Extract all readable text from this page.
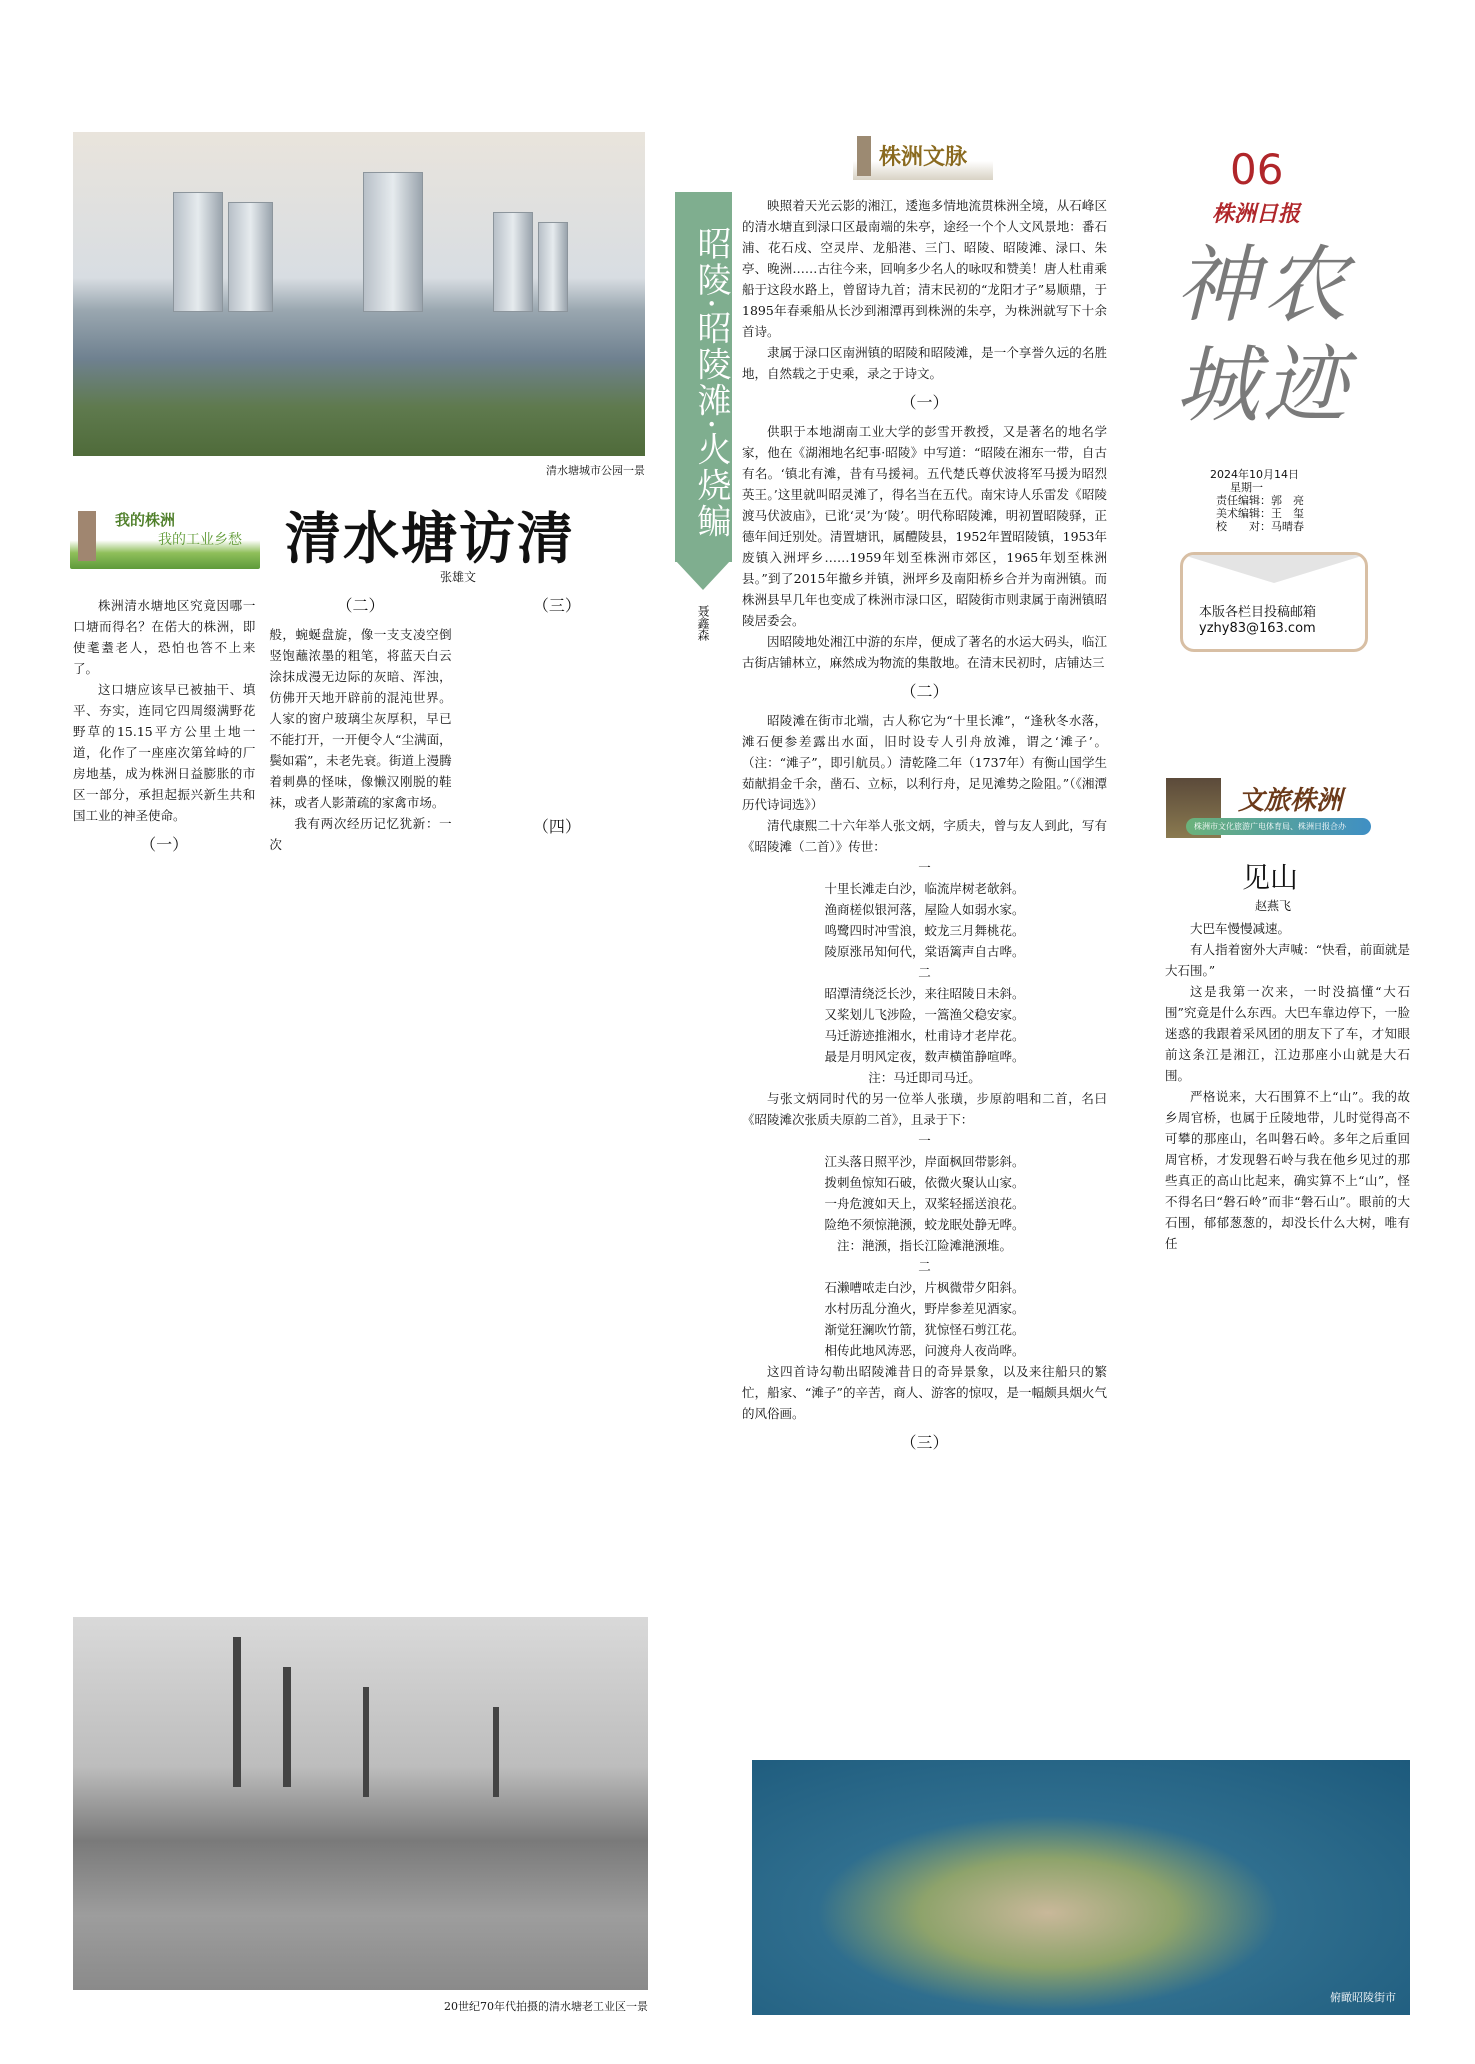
清水塘城市公园一景
我的株洲
我的工业乡愁 清水塘访清
张雄文

株洲清水塘地区究竟因哪一口塘而得名？在偌大的株洲，即使耄耋老人，恐怕也答不上来了。

这口塘应该早已被抽干、填平、夯实，连同它四周缀满野花野草的15.15平方公里土地一道，化作了一座座次第耸峙的厂房地基，成为株洲日益膨胀的市区一部分，承担起振兴新生共和国工业的神圣使命。

（一）
（二）

般，蜿蜒盘旋，像一支支凌空倒竖饱蘸浓墨的粗笔，将蓝天白云涂抹成漫无边际的灰暗、浑浊，仿佛开天地开辟前的混沌世界。人家的窗户玻璃尘灰厚积，早已不能打开，一开便令人“尘满面，鬓如霜”，未老先衰。街道上漫腾着刺鼻的怪味，像懒汉刚脱的鞋袜，或者人影萧疏的家禽市场。

我有两次经历记忆犹新：一次

（三）
（四）
20世纪70年代拍摄的清水塘老工业区一景
昭陵·昭陵滩·火烧鳊
聂鑫森
株洲文脉

映照着天光云影的湘江，逶迤多情地流贯株洲全境，从石峰区的清水塘直到渌口区最南端的朱亭，途经一个个人文风景地：番石浦、花石戍、空灵岸、龙船港、三门、昭陵、昭陵滩、渌口、朱亭、晚洲……古往今来，回响多少名人的咏叹和赞美！唐人杜甫乘船于这段水路上，曾留诗九首；清末民初的“龙阳才子”易顺鼎，于1895年春乘船从长沙到湘潭再到株洲的朱亭，为株洲就写下十余首诗。

隶属于渌口区南洲镇的昭陵和昭陵滩，是一个享誉久远的名胜地，自然载之于史乘，录之于诗文。

（一）

供职于本地湖南工业大学的彭雪开教授，又是著名的地名学家，他在《湖湘地名纪事·昭陵》中写道：“昭陵在湘东一带，自古有名。‘镇北有滩，昔有马援祠。五代楚氏尊伏波将军马援为昭烈英王。’这里就叫昭灵滩了，得名当在五代。南宋诗人乐雷发《昭陵渡马伏波庙》，已讹‘灵’为‘陵’。明代称昭陵滩，明初置昭陵驿，正德年间迁别处。清置塘讯，属醴陵县，1952年置昭陵镇，1953年废镇入洲坪乡……1959年划至株洲市郊区，1965年划至株洲县。”到了2015年撤乡并镇，洲坪乡及南阳桥乡合并为南洲镇。而株洲县早几年也变成了株洲市渌口区，昭陵街市则隶属于南洲镇昭陵居委会。

因昭陵地处湘江中游的东岸，便成了著名的水运大码头，临江古街店铺林立，麻然成为物流的集散地。在清末民初时，店铺达三

（二）

昭陵滩在街市北端，古人称它为“十里长滩”，“逢秋冬水落，滩石便参差露出水面，旧时设专人引舟放滩，谓之‘滩子’。（注：“滩子”，即引航员。）清乾隆二年（1737年）有衡山国学生茹献捐金千余，凿石、立标，以利行舟，足见滩势之险阻。”（《湘潭历代诗词选》）

清代康熙二十六年举人张文炳，字质夫，曾与友人到此，写有《昭陵滩（二首）》传世：

一
十里长滩走白沙，临流岸树老欹斜。
渔商槎似银河落，屋险人如弱水家。
鸣鹭四时冲雪浪，蛟龙三月舞桃花。
陵原涨吊知何代，棠语篱声自古哗。
二
昭潭清绕泛长沙，来往昭陵日未斜。
又桨划儿飞涉险，一篙渔父稳安家。
马迁游迹推湘水，杜甫诗才老岸花。
最是月明风定夜，数声横笛静喧哗。
注：马迁即司马迁。

与张文炳同时代的另一位举人张璜，步原韵唱和二首，名曰《昭陵滩次张质夫原韵二首》，且录于下：

一
江头落日照平沙，岸面枫回带影斜。
拨刺鱼惊知石破，依微火聚认山家。
一舟危渡如天上，双桨轻摇送浪花。
险绝不须惊滟滪，蛟龙眠处静无哗。
注：滟滪，指长江险滩滟滪堆。
二
石濑嘈哝走白沙，片枫微带夕阳斜。
水村历乱分渔火，野岸参差见酒家。
渐觉狂澜吹竹箭，犹惊怪石剪江花。
相传此地风涛恶，问渡舟人夜尚哗。

这四首诗勾勒出昭陵滩昔日的奇异景象，以及来往船只的繁忙，船家、“滩子”的辛苦，商人、游客的惊叹，是一幅颇具烟火气的风俗画。

（三）
俯瞰昭陵街市
06
株洲日报
神农城迹
2024年10月14日
星期一
责任编辑：郭　亮
美术编辑：王　玺
校　　对：马晴春
本版各栏目投稿邮箱
yzhy83@163.com
文旅株洲
株洲市文化旅游广电体育局、株洲日报合办
见山
赵燕飞

大巴车慢慢减速。

有人指着窗外大声喊：“快看，前面就是大石围。”

这是我第一次来，一时没搞懂“大石围”究竟是什么东西。大巴车靠边停下，一脸迷惑的我跟着采风团的朋友下了车，才知眼前这条江是湘江，江边那座小山就是大石围。

严格说来，大石围算不上“山”。我的故乡周官桥，也属于丘陵地带，儿时觉得高不可攀的那座山，名叫磐石岭。多年之后重回周官桥，才发现磐石岭与我在他乡见过的那些真正的高山比起来，确实算不上“山”，怪不得名曰“磐石岭”而非“磐石山”。眼前的大石围，郁郁葱葱的，却没长什么大树，唯有任
